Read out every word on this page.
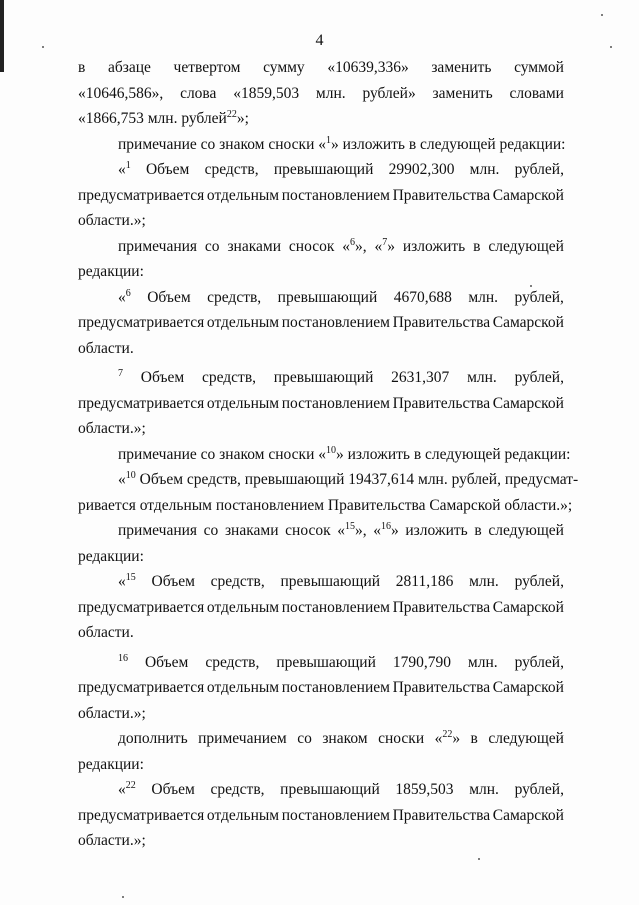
4
в абзаце четвертом сумму «10639,336» заменить суммой
«10646,586», слова «1859,503 млн. рублей» заменить словами
«1866,753 млн. рублей$^{22}$»;
примечание со знаком сноски «$^1$» изложить в следующей редакции:
«$^1$ Объем средств, превышающий 29902,300 млн. рублей,
предусматривается отдельным постановлением Правительства Самарской
области.»;
примечания со знаками сносок «$^6$», «$^7$» изложить в следующей
редакции:
«$^6$ Объем средств, превышающий 4670,688 млн. рублей,
предусматривается отдельным постановлением Правительства Самарской
области.
$^7$ Объем средств, превышающий 2631,307 млн. рублей,
предусматривается отдельным постановлением Правительства Самарской
области.»;
примечание со знаком сноски «$^{10}$» изложить в следующей редакции:
«$^{10}$ Объем средств, превышающий 19437,614 млн. рублей, предусмат-
ривается отдельным постановлением Правительства Самарской области.»;
примечания со знаками сносок «$^{15}$», «$^{16}$» изложить в следующей
редакции:
«$^{15}$ Объем средств, превышающий 2811,186 млн. рублей,
предусматривается отдельным постановлением Правительства Самарской
области.
$^{16}$ Объем средств, превышающий 1790,790 млн. рублей,
предусматривается отдельным постановлением Правительства Самарской
области.»;
дополнить примечанием со знаком сноски «$^{22}$» в следующей
редакции:
«$^{22}$ Объем средств, превышающий 1859,503 млн. рублей,
предусматривается отдельным постановлением Правительства Самарской
области.»;
